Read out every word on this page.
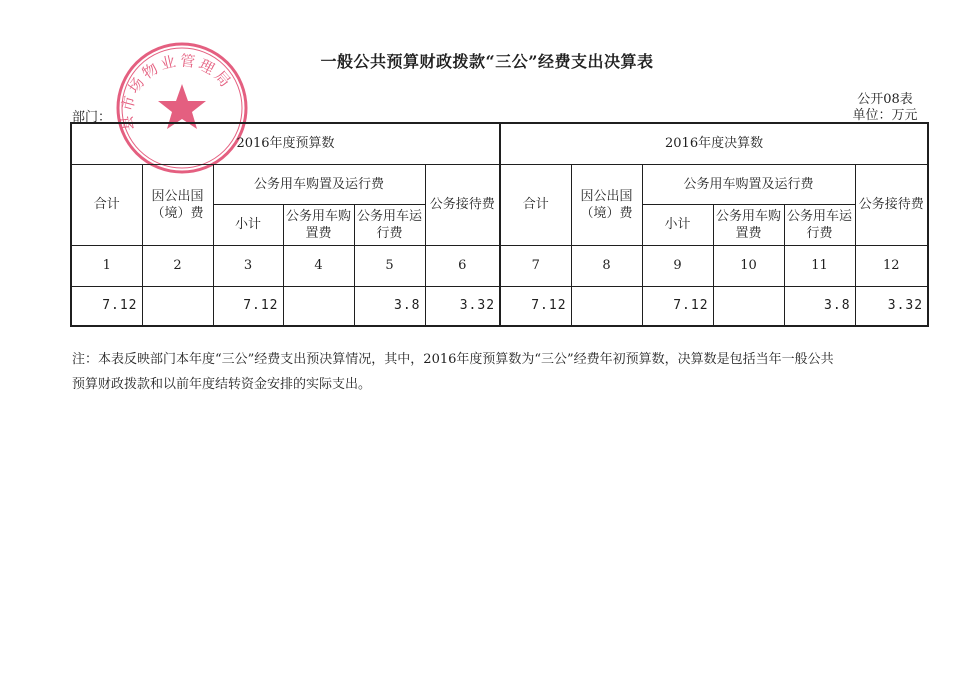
一般公共预算财政拨款“三公”经费支出决算表
公开08表
单位：万元
部门： 县市场物业管理局
2016年度预算数						2016年度决算数					
合计	因公出国（境）费	公务用车购置及运行费			公务接待费	合计	因公出国（境）费	公务用车购置及运行费			公务接待费
		小计	公务用车购置费	公务用车运行费				小计	公务用车购置费	公务用车运行费	
1	2	3	4	5	6	7	8	9	10	11	12
7.12		7.12		3.8	3.32	7.12		7.12		3.8	3.32
注：本表反映部门本年度“三公”经费支出预决算情况，其中，2016年度预算数为“三公”经费年初预算数，决算数是包括当年一般公共
预算财政拨款和以前年度结转资金安排的实际支出。
